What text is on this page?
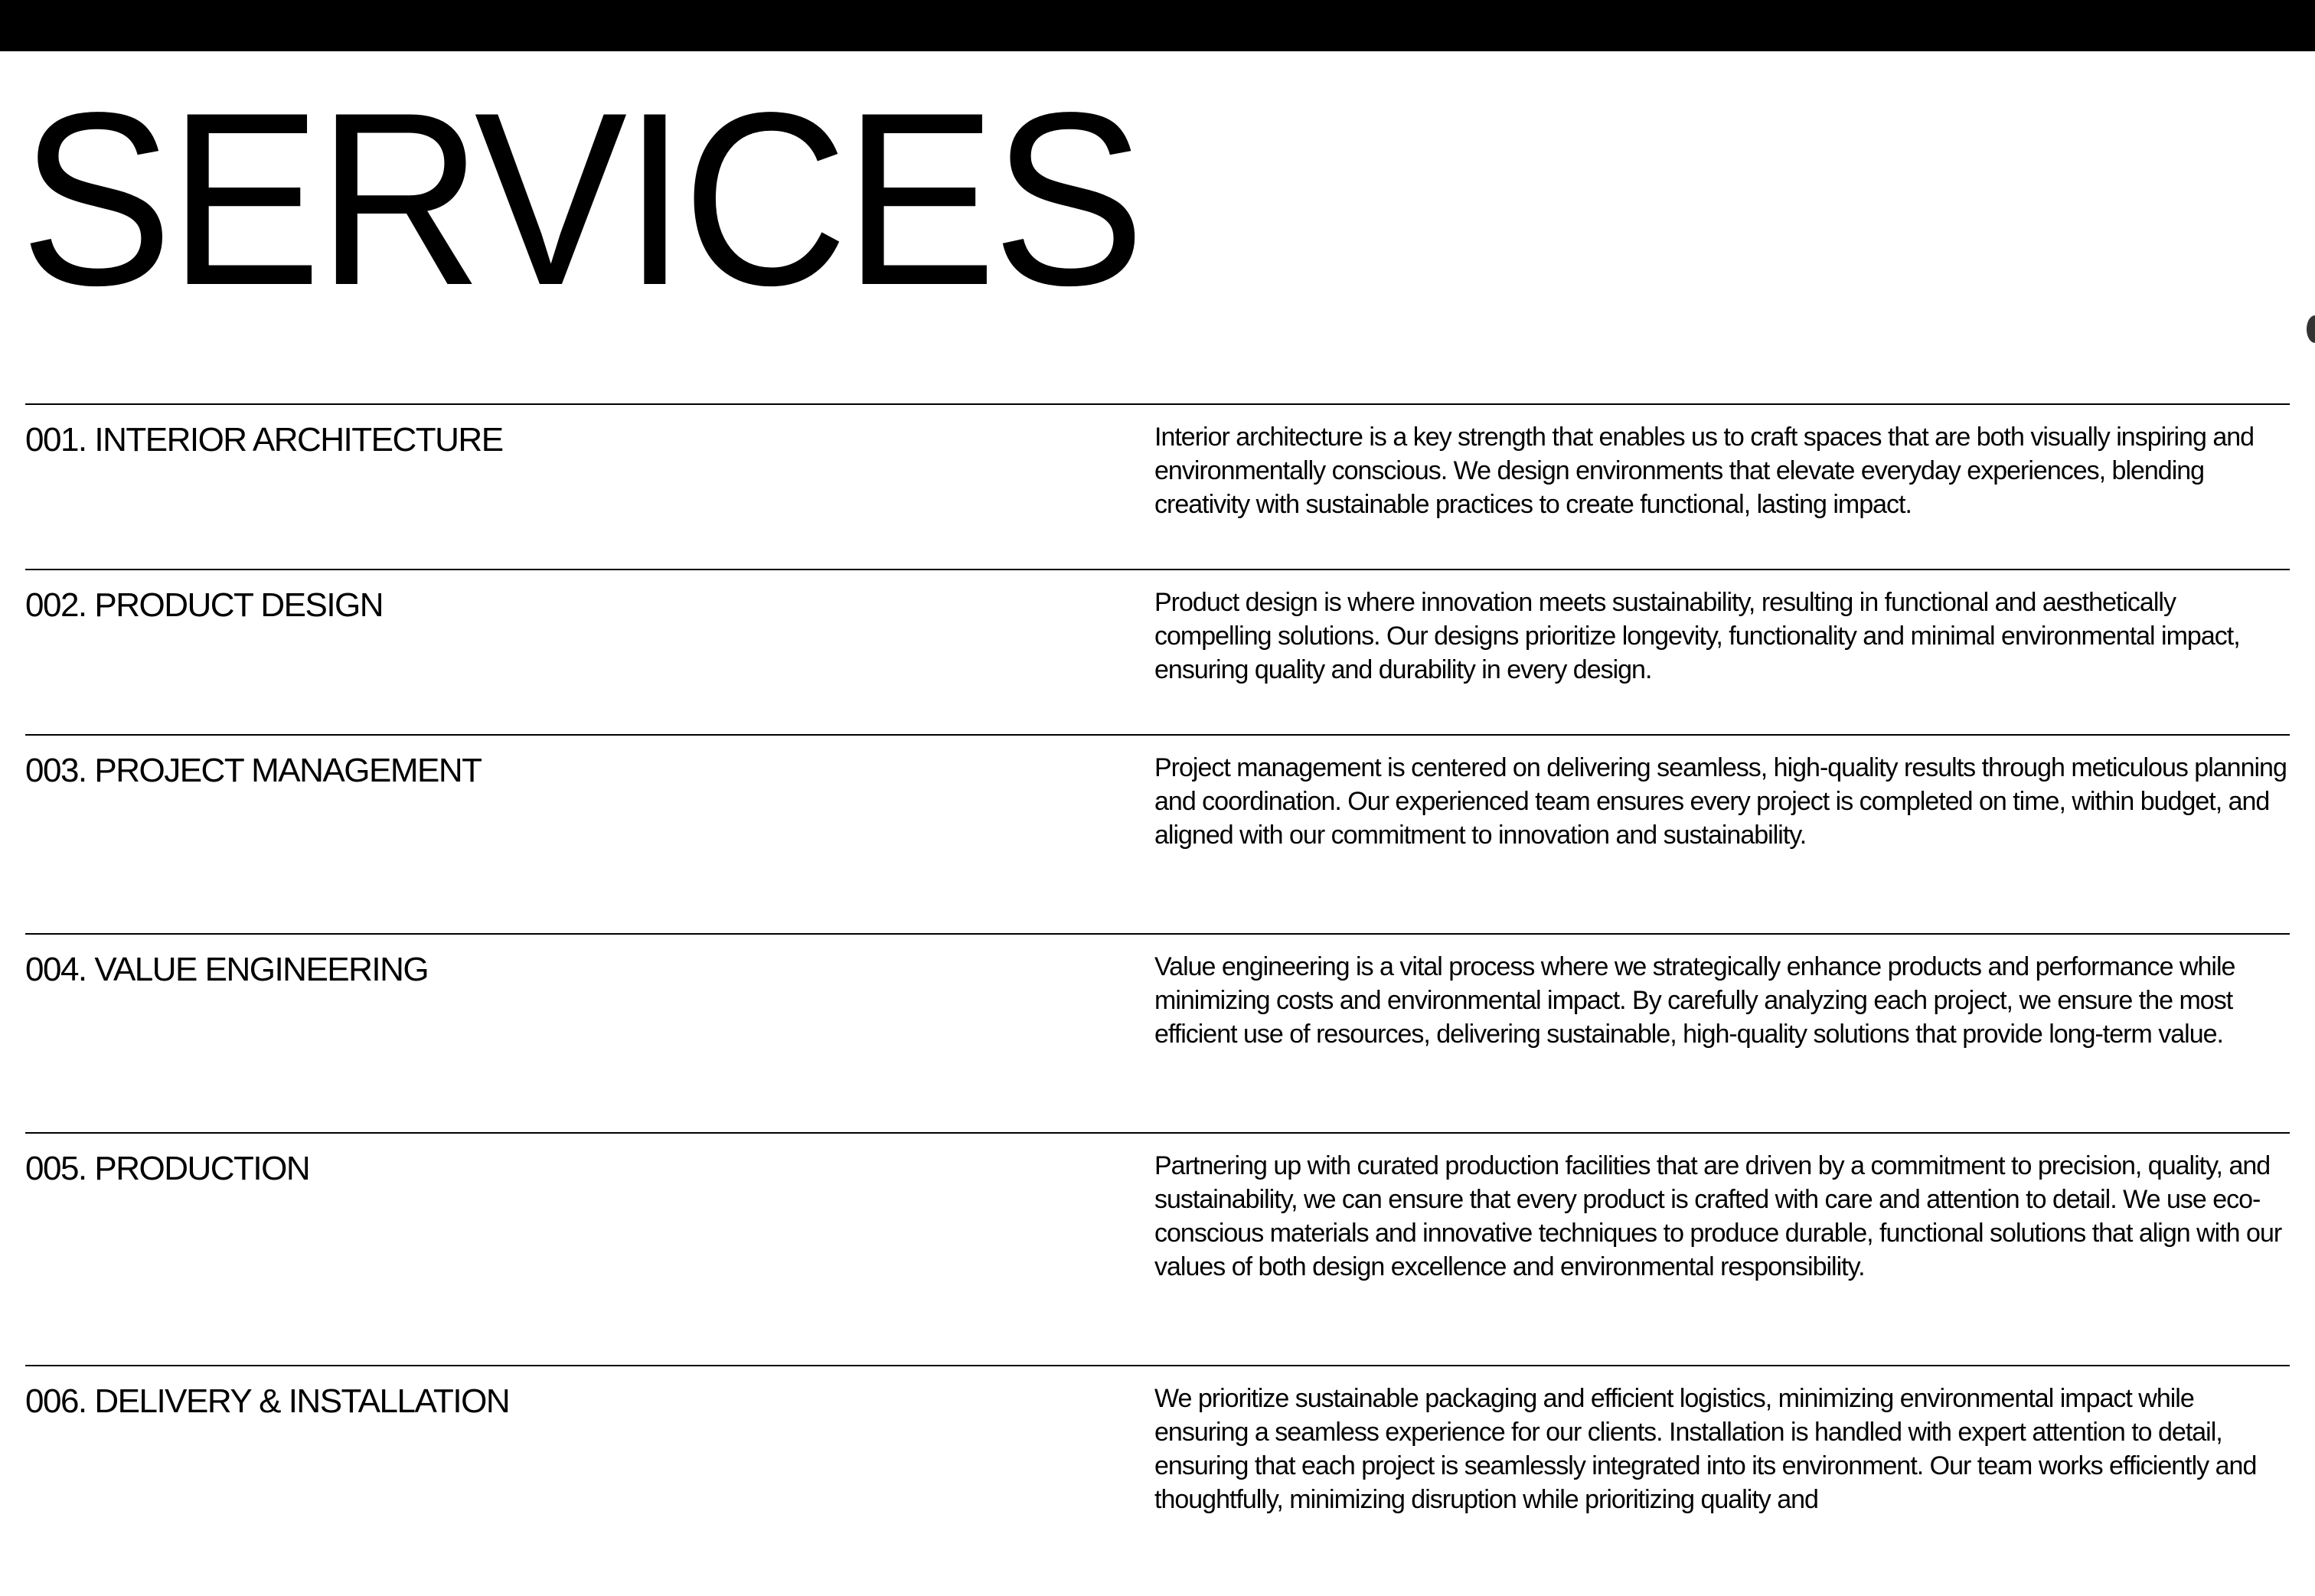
SERVICES
001. INTERIOR ARCHITECTURE	Interior architecture is a key strength that enables us to craft spaces that are both visually inspiring and environmentally conscious. We design environments that elevate everyday experiences, blending creativity with sustainable practices to create functional, lasting impact.
002. PRODUCT DESIGN	Product design is where innovation meets sustainability, resulting in functional and aesthetically compelling solutions. Our designs prioritize longevity, functionality and minimal environmental impact, ensuring quality and durability in every design.
003. PROJECT MANAGEMENT	Project management is centered on delivering seamless, high-quality results through meticulous planning and coordination. Our experienced team ensures every project is completed on time, within budget, and aligned with our commitment to innovation and sustainability.
004. VALUE ENGINEERING	Value engineering is a vital process where we strategically enhance products and performance while minimizing costs and environmental impact. By carefully analyzing each project, we ensure the most efficient use of resources, delivering sustainable, high-quality solutions that provide long-term value.
005. PRODUCTION	Partnering up with curated production facilities that are driven by a commitment to precision, quality, and sustainability, we can ensure that every product is crafted with care and attention to detail. We use eco-conscious materials and innovative techniques to produce durable, functional solutions that align with our values of both design excellence and environmental responsibility.
006. DELIVERY & INSTALLATION	We prioritize sustainable packaging and efficient logistics, minimizing environmental impact while ensuring a seamless experience for our clients. Installation is handled with expert attention to detail, ensuring that each project is seamlessly integrated into its environment. Our team works efficiently and thoughtfully, minimizing disruption while prioritizing quality and
